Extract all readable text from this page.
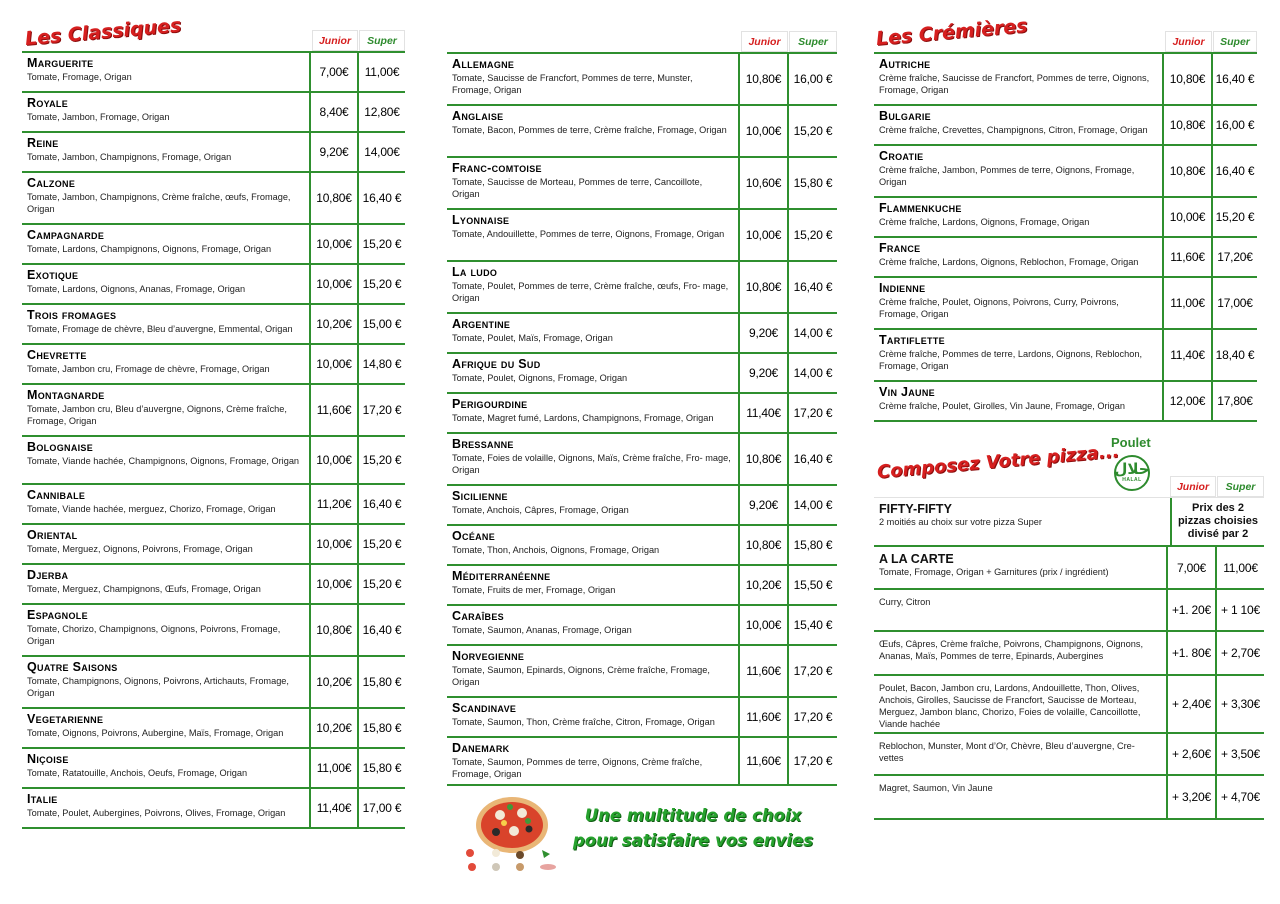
Les Classiques	Les Crémières
Composez Votre pizza...
Junior	Super
Marguerite
Tomate, Fromage, Origan	7,00€	11,00€
Royale
Tomate, Jambon, Fromage, Origan	8,40€	12,80€
Reine
Tomate, Jambon, Champignons, Fromage, Origan	9,20€	14,00€
Calzone
Tomate, Jambon, Champignons, Crème fraîche, œufs, Fromage, Origan
10,80€ 16,40 €
Campagnarde
Tomate, Lardons, Champignons, Oignons, Fromage, Origan	10,00€ 15,20 €
Exotique
Tomate, Lardons, Oignons, Ananas, Fromage, Origan	10,00€ 15,20 €
Trois fromages
Tomate, Fromage de chèvre, Bleu d’auvergne, Emmental, Origan	10,20€ 15,00 €
Chevrette
Tomate, Jambon cru, Fromage de chèvre, Fromage, Origan	10,00€ 14,80 €
Montagnarde
Tomate, Jambon cru, Bleu d’auvergne, Oignons, Crème fraîche, Fromage, Origan
11,60€ 17,20 €
Bolognaise
Tomate, Viande hachée, Champignons, Oignons, Fromage, Origan	10,00€ 15,20 €
Cannibale
Tomate, Viande hachée, merguez, Chorizo, Fromage, Origan	11,20€ 16,40 €
Oriental
Tomate, Merguez, Oignons, Poivrons, Fromage, Origan	10,00€ 15,20 €
Djerba
Tomate, Merguez, Champignons, Œufs, Fromage, Origan	10,00€ 15,20 €
Espagnole
Tomate, Chorizo, Champignons, Oignons, Poivrons, Fromage, Origan
10,80€ 16,40 €
Quatre Saisons
Tomate, Champignons, Oignons, Poivrons, Artichauts, Fromage, Origan
10,20€ 15,80 €
Vegetarienne
Tomate, Oignons, Poivrons, Aubergine, Maïs, Fromage, Origan	10,20€ 15,80 €
Niçoise
Tomate, Ratatouille, Anchois, Oeufs, Fromage, Origan	11,00€ 15,80 €
Italie
Tomate, Poulet, Aubergines, Poivrons, Olives, Fromage, Origan	11,40€ 17,00 €
Junior	Super
Allemagne
Tomate, Saucisse de Francfort, Pommes de terre, Munster, Fromage, Origan
10,80€	16,00 €
Anglaise
Tomate, Bacon, Pommes de terre, Crème fraîche, Fromage, Origan	10,00€	15,20 €
Franc-comtoise
Tomate, Saucisse de Morteau, Pommes de terre, Cancoillote, Origan
10,60€	15,80 €
Lyonnaise
Tomate, Andouillette, Pommes de terre, Oignons, Fromage, Origan	10,00€	15,20 €
La ludo
Tomate, Poulet, Pommes de terre, Crème fraîche, œufs, Fro- mage, Origan
10,80€	16,40 €
Argentine
Tomate, Poulet, Maïs, Fromage, Origan	9,20€	14,00 €
Afrique du Sud
Tomate, Poulet, Oignons, Fromage, Origan	9,20€	14,00 €
Perigourdine
Tomate, Magret fumé, Lardons, Champignons, Fromage, Origan	11,40€	17,20 €
Bressanne
Tomate, Foies de volaille, Oignons, Maïs, Crème fraîche, Fro- mage, Origan
10,80€	16,40 €
Sicilienne
Tomate, Anchois, Câpres, Fromage, Origan	9,20€	14,00 €
Océane
Tomate, Thon, Anchois, Oignons, Fromage, Origan	10,80€	15,80 €
Méditerranéenne
Tomate, Fruits de mer, Fromage, Origan	10,20€	15,50 €
Caraîbes
Tomate, Saumon, Ananas, Fromage, Origan	10,00€	15,40 €
Norvegienne
Tomate, Saumon, Epinards, Oignons, Crème fraîche, Fromage, Origan
11,60€	17,20 €
Scandinave
Tomate, Saumon, Thon, Crème fraîche, Citron, Fromage, Origan	11,60€	17,20 €
Danemark
Tomate, Saumon, Pommes de terre, Oignons, Crème fraîche, Fromage, Origan
11,60€	17,20 €
Junior	Super
Autriche
Crème fraîche, Saucisse de Francfort, Pommes de terre, Oignons, Fromage, Origan
10,80€ 16,40 €
Bulgarie
Crème fraîche, Crevettes, Champignons, Citron, Fromage, Origan	10,80€ 16,00 €
Croatie
Crème fraîche, Jambon, Pommes de terre, Oignons, Fromage, Origan
10,80€ 16,40 €
Flammenkuche
Crème fraîche, Lardons, Oignons, Fromage, Origan	10,00€ 15,20 €
France
Crème fraîche, Lardons, Oignons, Reblochon, Fromage, Origan	11,60€	17,20€
Indienne
Crème fraîche, Poulet, Oignons, Poivrons, Curry, Poivrons, Fromage, Origan
11,00€	17,00€
Tartiflette
Crème fraîche, Pommes de terre, Lardons, Oignons, Reblochon, Fromage, Origan
11,40€ 18,40 €
Vin Jaune
Crème fraîche, Poulet, Girolles, Vin Jaune, Fromage, Origan	12,00€ 17,80€
Poulet
حلال
HALAL
Junior	Super
FIFTY-FIFTY
2 moitiés au choix sur votre pizza Super
Prix des 2 pizzas choisies divisé par 2
A LA CARTE
Tomate, Fromage, Origan + Garnitures (prix / ingrédient)	7,00€	11,00€
Curry, Citron
+1. 20€ + 1 10€
Œufs, Câpres, Crème fraîche, Poivrons, Champignons, Oignons, Ananas, Maïs, Pommes de terre, Epinards, Aubergines	+1. 80€ + 2,70€
Poulet, Bacon, Jambon cru, Lardons, Andouillette, Thon, Olives, Anchois, Girolles, Saucisse de Francfort, Saucisse de Morteau, Merguez, Jambon blanc, Chorizo, Foies de volaille, Cancoillotte, Viande hachée
+ 2,40€ + 3,30€
Reblochon, Munster, Mont d’Or, Chèvre, Bleu d’auvergne, Cre- vettes	+ 2,60€ + 3,50€
Magret, Saumon, Vin Jaune
+ 3,20€ + 4,70€
Une multitude de choix
pour satisfaire vos envies
